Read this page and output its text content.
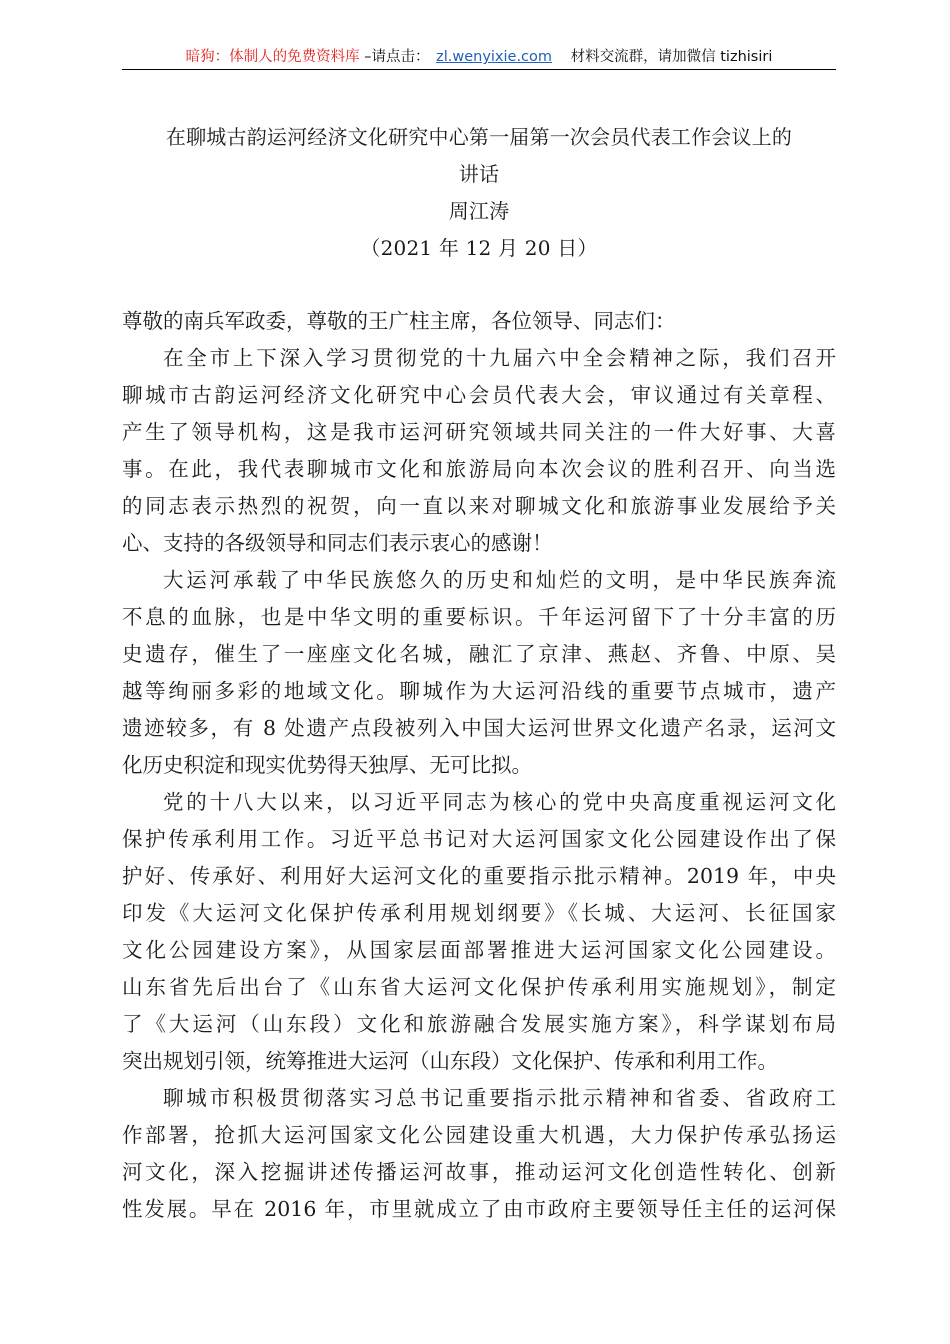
暗狗：体制人的免费资料库 –请点击： zl.wenyixie.com 材料交流群，请加微信 tizhisiri
在聊城古韵运河经济文化研究中心第一届第一次会员代表工作会议上的
讲话
周江涛
（2021 年 12 月 20 日）

尊敬的南兵军政委，尊敬的王广柱主席，各位领导、同志们：

在全市上下深入学习贯彻党的十九届六中全会精神之际，我们召开
聊城市古韵运河经济文化研究中心会员代表大会，审议通过有关章程、
产生了领导机构，这是我市运河研究领域共同关注的一件大好事、大喜
事。在此，我代表聊城市文化和旅游局向本次会议的胜利召开、向当选
的同志表示热烈的祝贺，向一直以来对聊城文化和旅游事业发展给予关
心、支持的各级领导和同志们表示衷心的感谢！

大运河承载了中华民族悠久的历史和灿烂的文明，是中华民族奔流
不息的血脉，也是中华文明的重要标识。千年运河留下了十分丰富的历
史遗存，催生了一座座文化名城，融汇了京津、燕赵、齐鲁、中原、吴
越等绚丽多彩的地域文化。聊城作为大运河沿线的重要节点城市，遗产
遗迹较多，有 8 处遗产点段被列入中国大运河世界文化遗产名录，运河文
化历史积淀和现实优势得天独厚、无可比拟。

党的十八大以来，以习近平同志为核心的党中央高度重视运河文化
保护传承利用工作。习近平总书记对大运河国家文化公园建设作出了保
护好、传承好、利用好大运河文化的重要指示批示精神。2019 年，中央
印发《大运河文化保护传承利用规划纲要》《长城、大运河、长征国家
文化公园建设方案》，从国家层面部署推进大运河国家文化公园建设。
山东省先后出台了《山东省大运河文化保护传承利用实施规划》，制定
了《大运河（山东段）文化和旅游融合发展实施方案》，科学谋划布局
突出规划引领，统筹推进大运河（山东段）文化保护、传承和利用工作。

聊城市积极贯彻落实习总书记重要指示批示精神和省委、省政府工
作部署，抢抓大运河国家文化公园建设重大机遇，大力保护传承弘扬运
河文化，深入挖掘讲述传播运河故事，推动运河文化创造性转化、创新
性发展。早在 2016 年，市里就成立了由市政府主要领导任主任的运河保
